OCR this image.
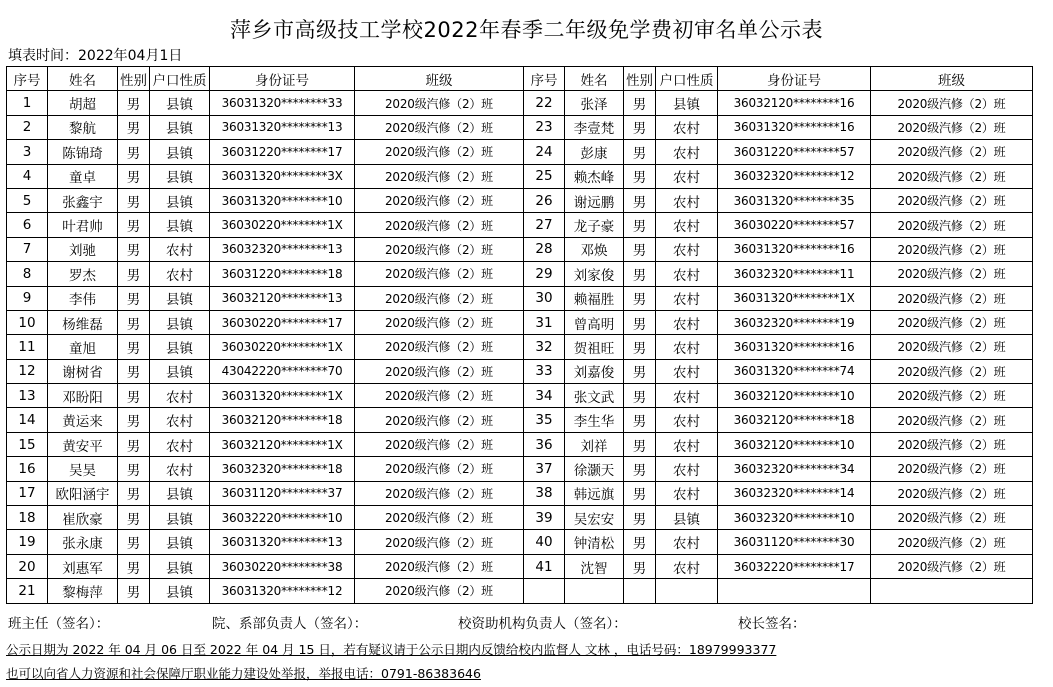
萍乡市高级技工学校2022年春季二年级免学费初审名单公示表
填表时间：2022年04月1日
序号	姓名	性别	户口性质	身份证号	班级	序号	姓名	性别	户口性质	身份证号	班级
1	胡超	男	县镇	36031320********33	2020级汽修（2）班	22	张泽	男	县镇	36032120********16	2020级汽修（2）班
2	黎航	男	县镇	36031320********13	2020级汽修（2）班	23	李壹梵	男	农村	36031320********16	2020级汽修（2）班
3	陈锦琦	男	县镇	36031220********17	2020级汽修（2）班	24	彭康	男	农村	36031220********57	2020级汽修（2）班
4	童卓	男	县镇	36031320********3X	2020级汽修（2）班	25	赖杰峰	男	农村	36032320********12	2020级汽修（2）班
5	张鑫宇	男	县镇	36031320********10	2020级汽修（2）班	26	谢远鹏	男	农村	36031320********35	2020级汽修（2）班
6	叶君帅	男	县镇	36030220********1X	2020级汽修（2）班	27	龙子豪	男	农村	36030220********57	2020级汽修（2）班
7	刘驰	男	农村	36032320********13	2020级汽修（2）班	28	邓焕	男	农村	36031320********16	2020级汽修（2）班
8	罗杰	男	农村	36031220********18	2020级汽修（2）班	29	刘家俊	男	农村	36032320********11	2020级汽修（2）班
9	李伟	男	县镇	36032120********13	2020级汽修（2）班	30	赖福胜	男	农村	36031320********1X	2020级汽修（2）班
10	杨维磊	男	县镇	36030220********17	2020级汽修（2）班	31	曾高明	男	农村	36032320********19	2020级汽修（2）班
11	童旭	男	县镇	36030220********1X	2020级汽修（2）班	32	贺祖旺	男	农村	36031320********16	2020级汽修（2）班
12	谢树省	男	县镇	43042220********70	2020级汽修（2）班	33	刘嘉俊	男	农村	36031320********74	2020级汽修（2）班
13	邓盼阳	男	农村	36031320********1X	2020级汽修（2）班	34	张文武	男	农村	36032120********10	2020级汽修（2）班
14	黄运来	男	农村	36032120********18	2020级汽修（2）班	35	李生华	男	农村	36032120********18	2020级汽修（2）班
15	黄安平	男	农村	36032120********1X	2020级汽修（2）班	36	刘祥	男	农村	36032120********10	2020级汽修（2）班
16	吴昊	男	农村	36032320********18	2020级汽修（2）班	37	徐灏天	男	农村	36032320********34	2020级汽修（2）班
17	欧阳涵宇	男	县镇	36031120********37	2020级汽修（2）班	38	韩远旗	男	农村	36032320********14	2020级汽修（2）班
18	崔欣豪	男	县镇	36032220********10	2020级汽修（2）班	39	吴宏安	男	县镇	36032320********10	2020级汽修（2）班
19	张永康	男	县镇	36031320********13	2020级汽修（2）班	40	钟清松	男	农村	36031120********30	2020级汽修（2）班
20	刘惠军	男	县镇	36030220********38	2020级汽修（2）班	41	沈智	男	农村	36032220********17	2020级汽修（2）班
21	黎梅萍	男	县镇	36031320********12	2020级汽修（2）班						
班主任（签名）：	院、系部负责人（签名）：	校资助机构负责人（签名）：	校长签名：
公示日期为 2022 年 04 月 06 日至 2022 年 04 月 15 日，若有疑议请于公示日期内反馈给校内监督人 文林 ，电话号码：18979993377
也可以向省人力资源和社会保障厅职业能力建设处举报，举报电话：0791-86383646
